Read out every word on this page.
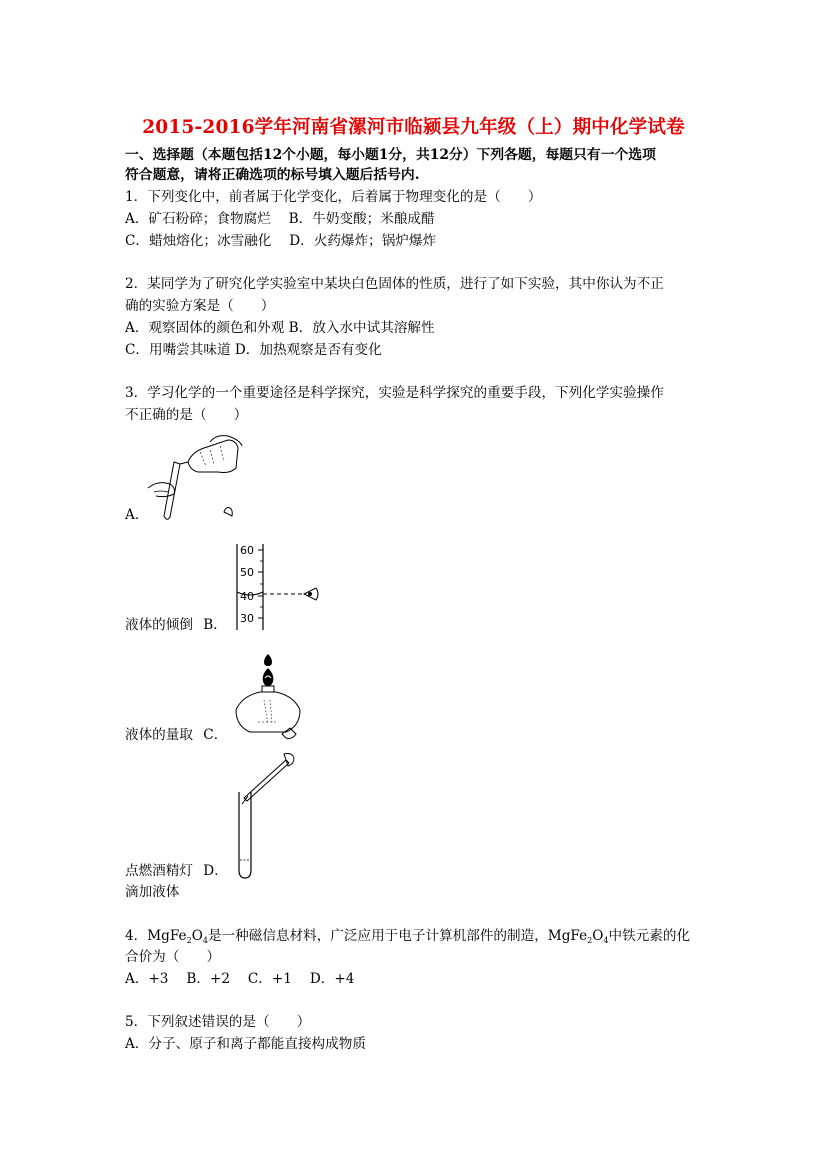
2015-2016学年河南省漯河市临颍县九年级（上）期中化学试卷
一、选择题（本题包括12个小题，每小题1分，共12分）下列各题，每题只有一个选项
符合题意，请将正确选项的标号填入题后括号内.
1．下列变化中，前者属于化学变化，后着属于物理变化的是（　　）
A．矿石粉碎；食物腐烂　 B．牛奶变酸；米酿成醋
C．蜡烛熔化；冰雪融化　 D．火药爆炸；锅炉爆炸
2．某同学为了研究化学实验室中某块白色固体的性质，进行了如下实验，其中你认为不正
确的实验方案是（　　）
A．观察固体的颜色和外观 B．放入水中试其溶解性
C．用嘴尝其味道 D．加热观察是否有变化
3．学习化学的一个重要途径是科学探究，实验是科学探究的重要手段，下列化学实验操作
不正确的是（　　）
A．
60
50
40
30
液体的倾倒 B．
液体的量取 C．
点燃酒精灯 D．
滴加液体
4．$MgFe_2O_4$是一种磁信息材料，广泛应用于电子计算机部件的制造，$MgFe_2O_4$中铁元素的化
合价为（　　）
A．+3　 B．+2　 C．+1　 D．+4
5．下列叙述错误的是（　　）
A．分子、原子和离子都能直接构成物质
